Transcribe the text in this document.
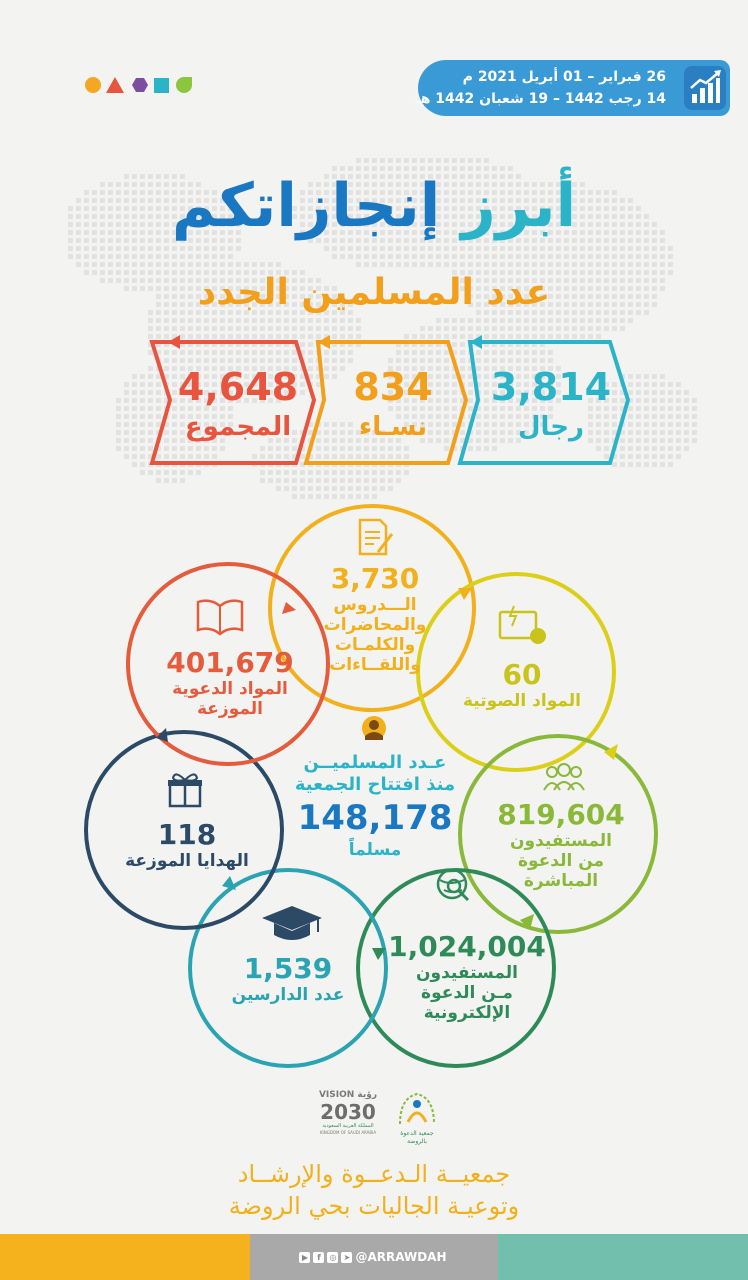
26 فبراير – 01 أبريل 2021 م
14 رجب 1442 – 19 شعبان 1442 هـ
أبرز إنجازاتكم
عدد المسلمين الجدد
3,814
رجال
834
نسـاء
4,648
المجموع
3,730
الـــدروس
والمحاضرات
والكلمـات
واللقــاءات	60
المواد الصوتية
819,604
المستفيدون
من الدعوة
المباشرة
1,024,004
المستفيدون
مـن الدعوة
الإلكترونية
1,539
عدد الدارسين
118
الهدايا الموزعة
401,679
المواد الدعوية
الموزعة
عـدد المسلميــن
منذ افتتاح الجمعية
148,178
مسلماً
VISION رؤية
2030
المملكة العربية السعودية
KINGDOM OF SAUDI ARABIA	جمعية الدعوة بالروضة
جمعيــة الـدعــوة والإرشــاد
وتوعيـة الجاليات بحي الروضة
▶	f	◎ ➤ @ARRAWDAH
